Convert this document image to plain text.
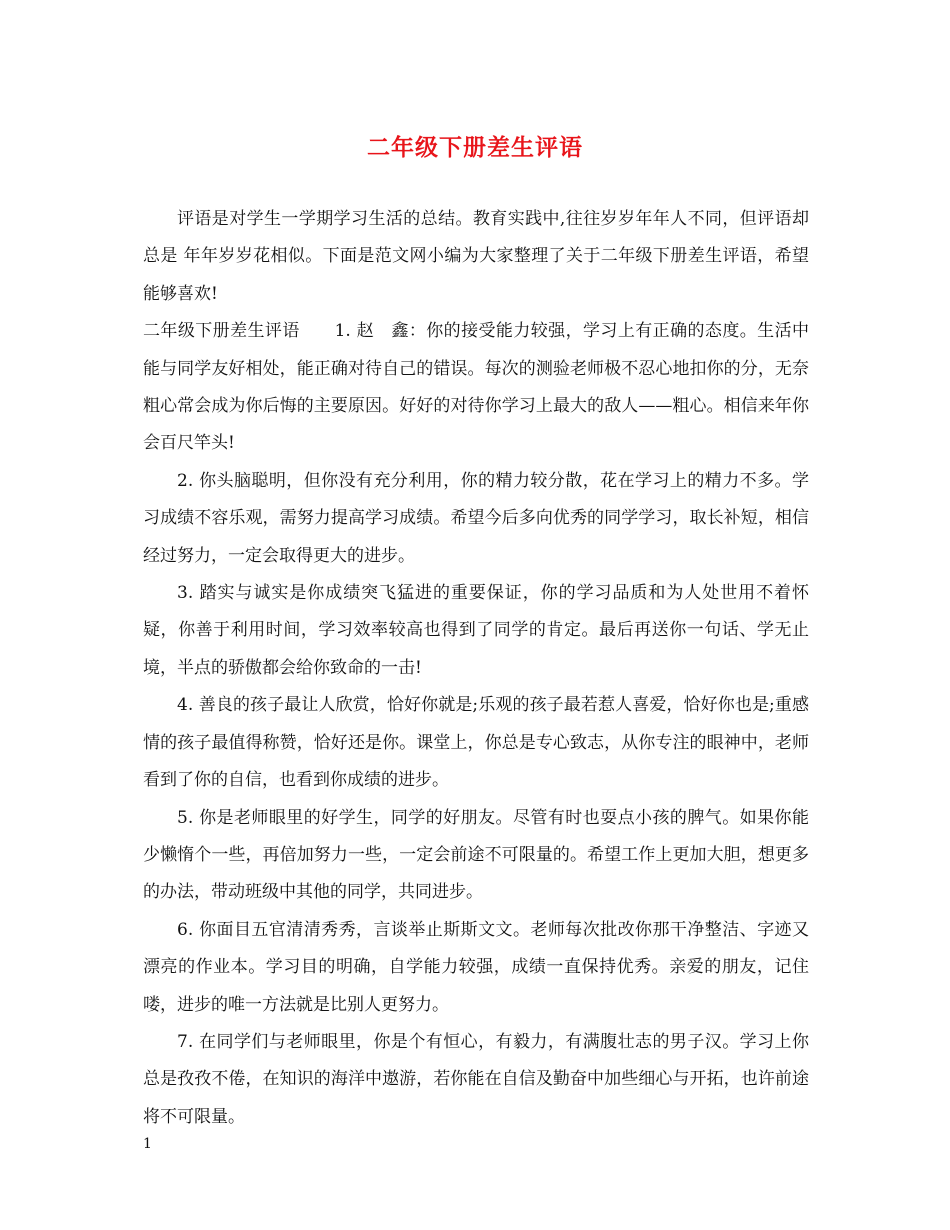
二年级下册差生评语

评语是对学生一学期学习生活的总结。教育实践中,往往岁岁年年人不同，但评语却总是 年年岁岁花相似。下面是范文网小编为大家整理了关于二年级下册差生评语，希望能够喜欢!

二年级下册差生评语　　1. 赵　鑫：你的接受能力较强，学习上有正确的态度。生活中能与同学友好相处，能正确对待自己的错误。每次的测验老师极不忍心地扣你的分，无奈粗心常会成为你后悔的主要原因。好好的对待你学习上最大的敌人——粗心。相信来年你会百尺竿头!

2. 你头脑聪明，但你没有充分利用，你的精力较分散，花在学习上的精力不多。学习成绩不容乐观，需努力提高学习成绩。希望今后多向优秀的同学学习，取长补短，相信经过努力，一定会取得更大的进步。

3. 踏实与诚实是你成绩突飞猛进的重要保证，你的学习品质和为人处世用不着怀疑，你善于利用时间，学习效率较高也得到了同学的肯定。最后再送你一句话、学无止境，半点的骄傲都会给你致命的一击!

4. 善良的孩子最让人欣赏，恰好你就是;乐观的孩子最若惹人喜爱，恰好你也是;重感情的孩子最值得称赞，恰好还是你。课堂上，你总是专心致志，从你专注的眼神中，老师看到了你的自信，也看到你成绩的进步。

5. 你是老师眼里的好学生，同学的好朋友。尽管有时也耍点小孩的脾气。如果你能少懒惰个一些，再倍加努力一些，一定会前途不可限量的。希望工作上更加大胆，想更多的办法，带动班级中其他的同学，共同进步。

6. 你面目五官清清秀秀，言谈举止斯斯文文。老师每次批改你那干净整洁、字迹又漂亮的作业本。学习目的明确，自学能力较强，成绩一直保持优秀。亲爱的朋友，记住喽，进步的唯一方法就是比别人更努力。

7. 在同学们与老师眼里，你是个有恒心，有毅力，有满腹壮志的男子汉。学习上你总是孜孜不倦，在知识的海洋中遨游，若你能在自信及勤奋中加些细心与开拓，也许前途将不可限量。

1
